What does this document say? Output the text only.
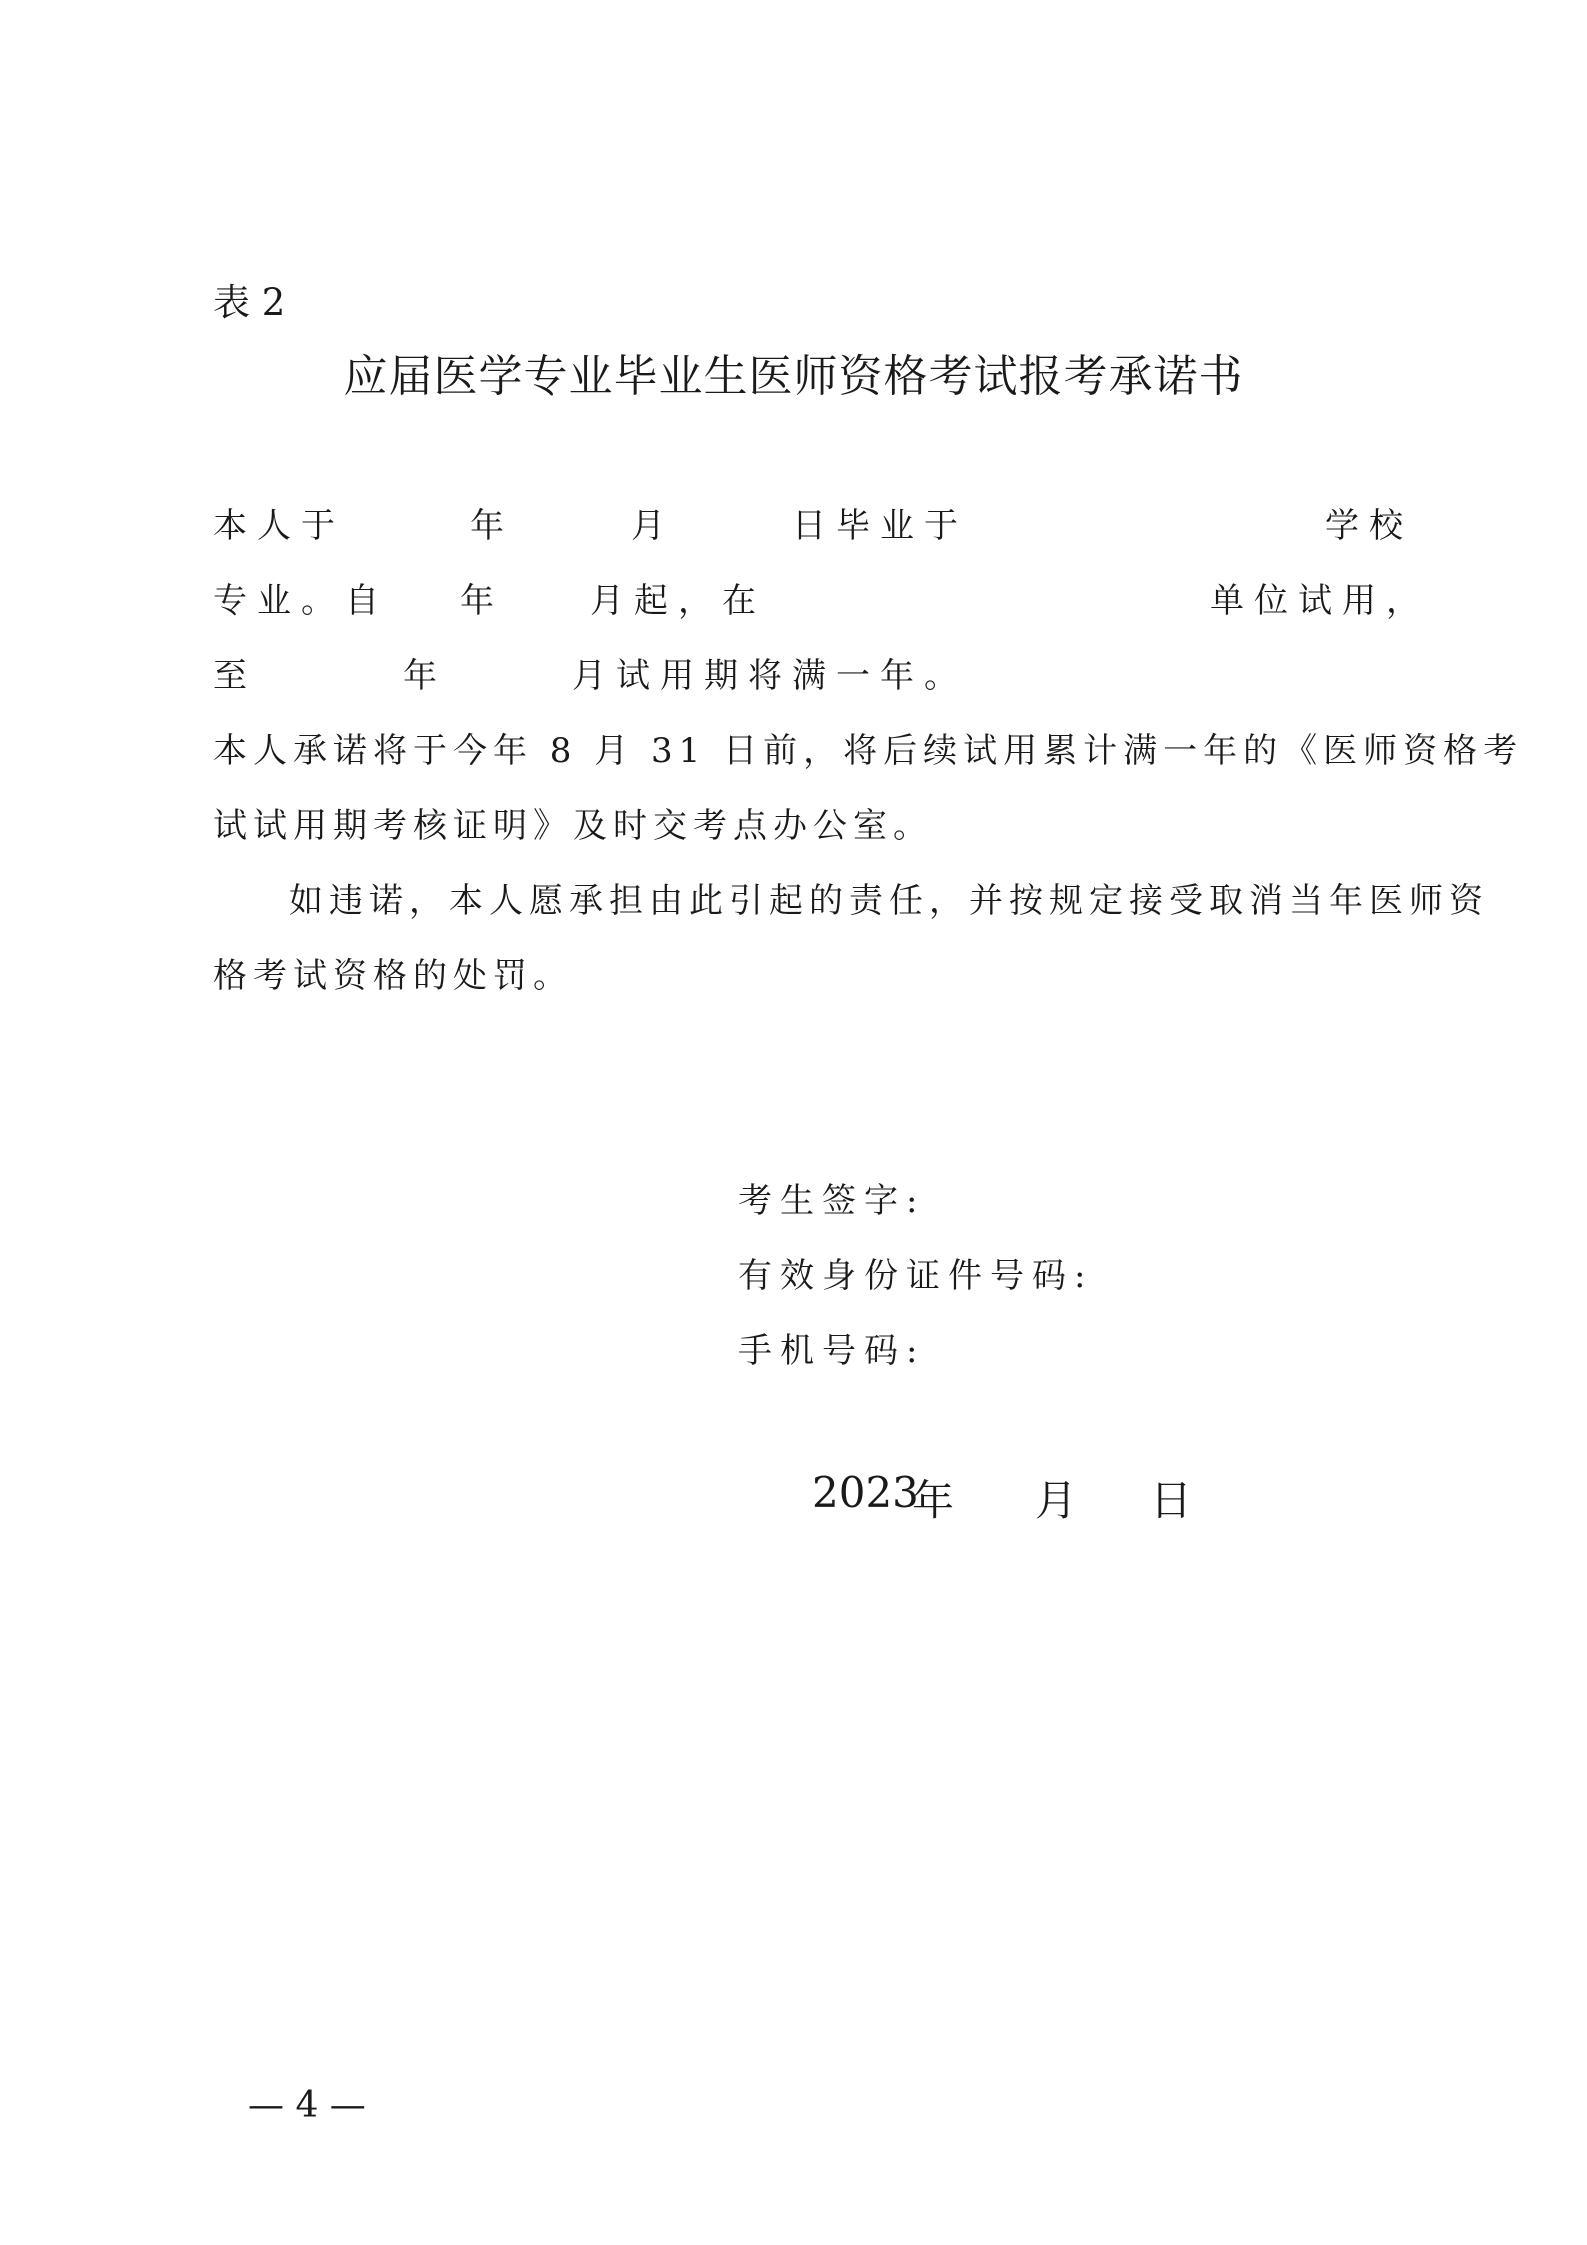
表 2
应届医学专业毕业生医师资格考试报考承诺书
本人于	年	月	日毕业于	学校
专业。自 年	月起，在	单位试用，
至	年	月试用期将满一年。
本人承诺将于今年 8 月 31 日前，将后续试用累计满一年的《医师资格考
试试用期考核证明》及时交考点办公室。
如违诺，本人愿承担由此引起的责任，并按规定接受取消当年医师资
格考试资格的处罚。
考生签字:
有效身份证件号码:
手机号码:
2023
年 月 日
— 4 —
